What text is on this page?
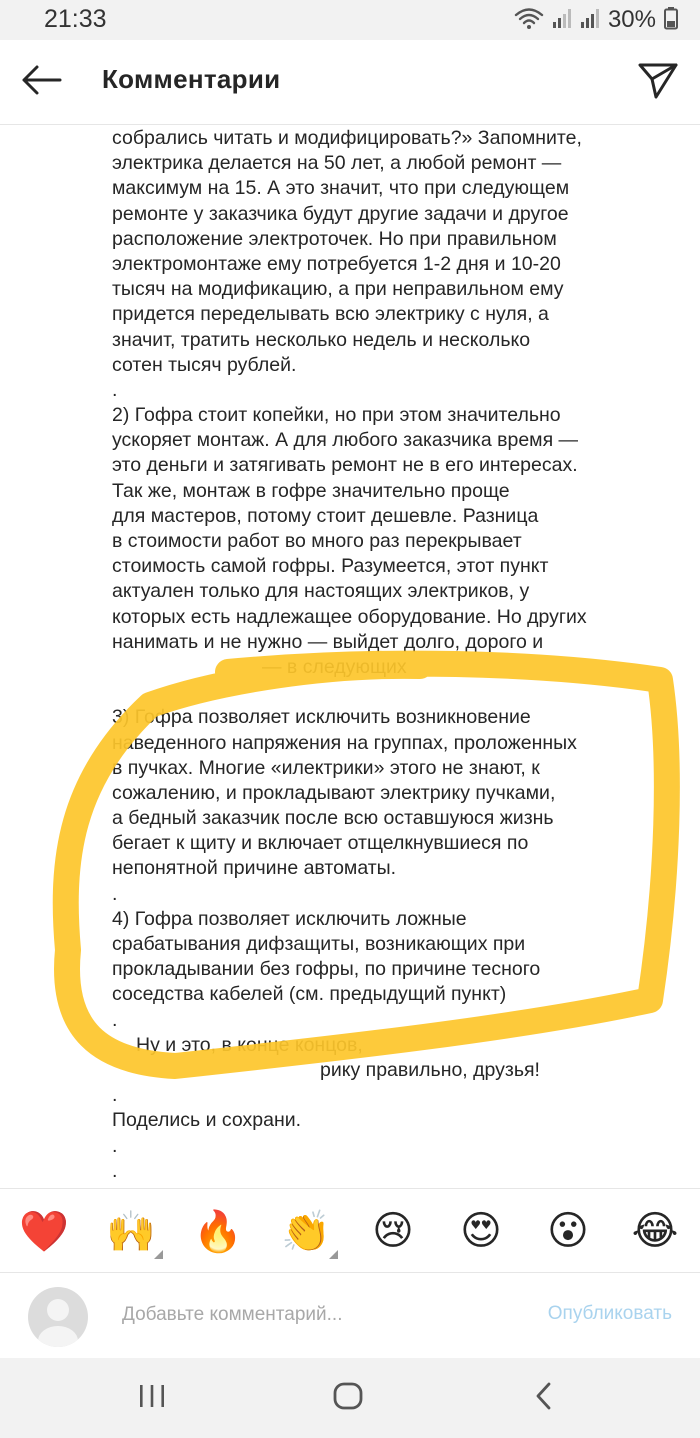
21:33	30%
Комментарии
собрались читать и модифицировать?» Запомните,
электрика делается на 50 лет, а любой ремонт —
максимум на 15. А это значит, что при следующем
ремонте у заказчика будут другие задачи и другое
расположение электроточек. Но при правильном
электромонтаже ему потребуется 1-2 дня и 10-20
тысяч на модификацию, а при неправильном ему
придется переделывать всю электрику с нуля, а
значит, тратить несколько недель и несколько
сотен тысяч рублей.
.
2) Гофра стоит копейки, но при этом значительно
ускоряет монтаж. А для любого заказчика время —
это деньги и затягивать ремонт не в его интересах.
Так же, монтаж в гофре значительно проще
для мастеров, потому стоит дешевле. Разница
в стоимости работ во много раз перекрывает
стоимость самой гофры. Разумеется, этот пункт
актуален только для настоящих электриков, у
которых есть надлежащее оборудование. Но других
нанимать и не нужно — выйдет долго, дорого и
— в следующих
3) Гофра позволяет исключить возникновение
наведенного напряжения на группах, проложенных
в пучках. Многие «илектрики» этого не знают, к
сожалению, и прокладывают электрику пучками,
а бедный заказчик после всю оставшуюся жизнь
бегает к щиту и включает отщелкнувшиеся по
непонятной причине автоматы.
.
4) Гофра позволяет исключить ложные
срабатывания дифзащиты, возникающих при
прокладывании без гофры, по причине тесного
соседства кабелей (см. предыдущий пункт)
.
Ну и это, в конце концов,
рику правильно, друзья!
.
Поделись и сохрани.
.
.
❤️ 🙌 🔥 👏 😢 😍 😮 😂
Добавьте комментарий...
Опубликовать
